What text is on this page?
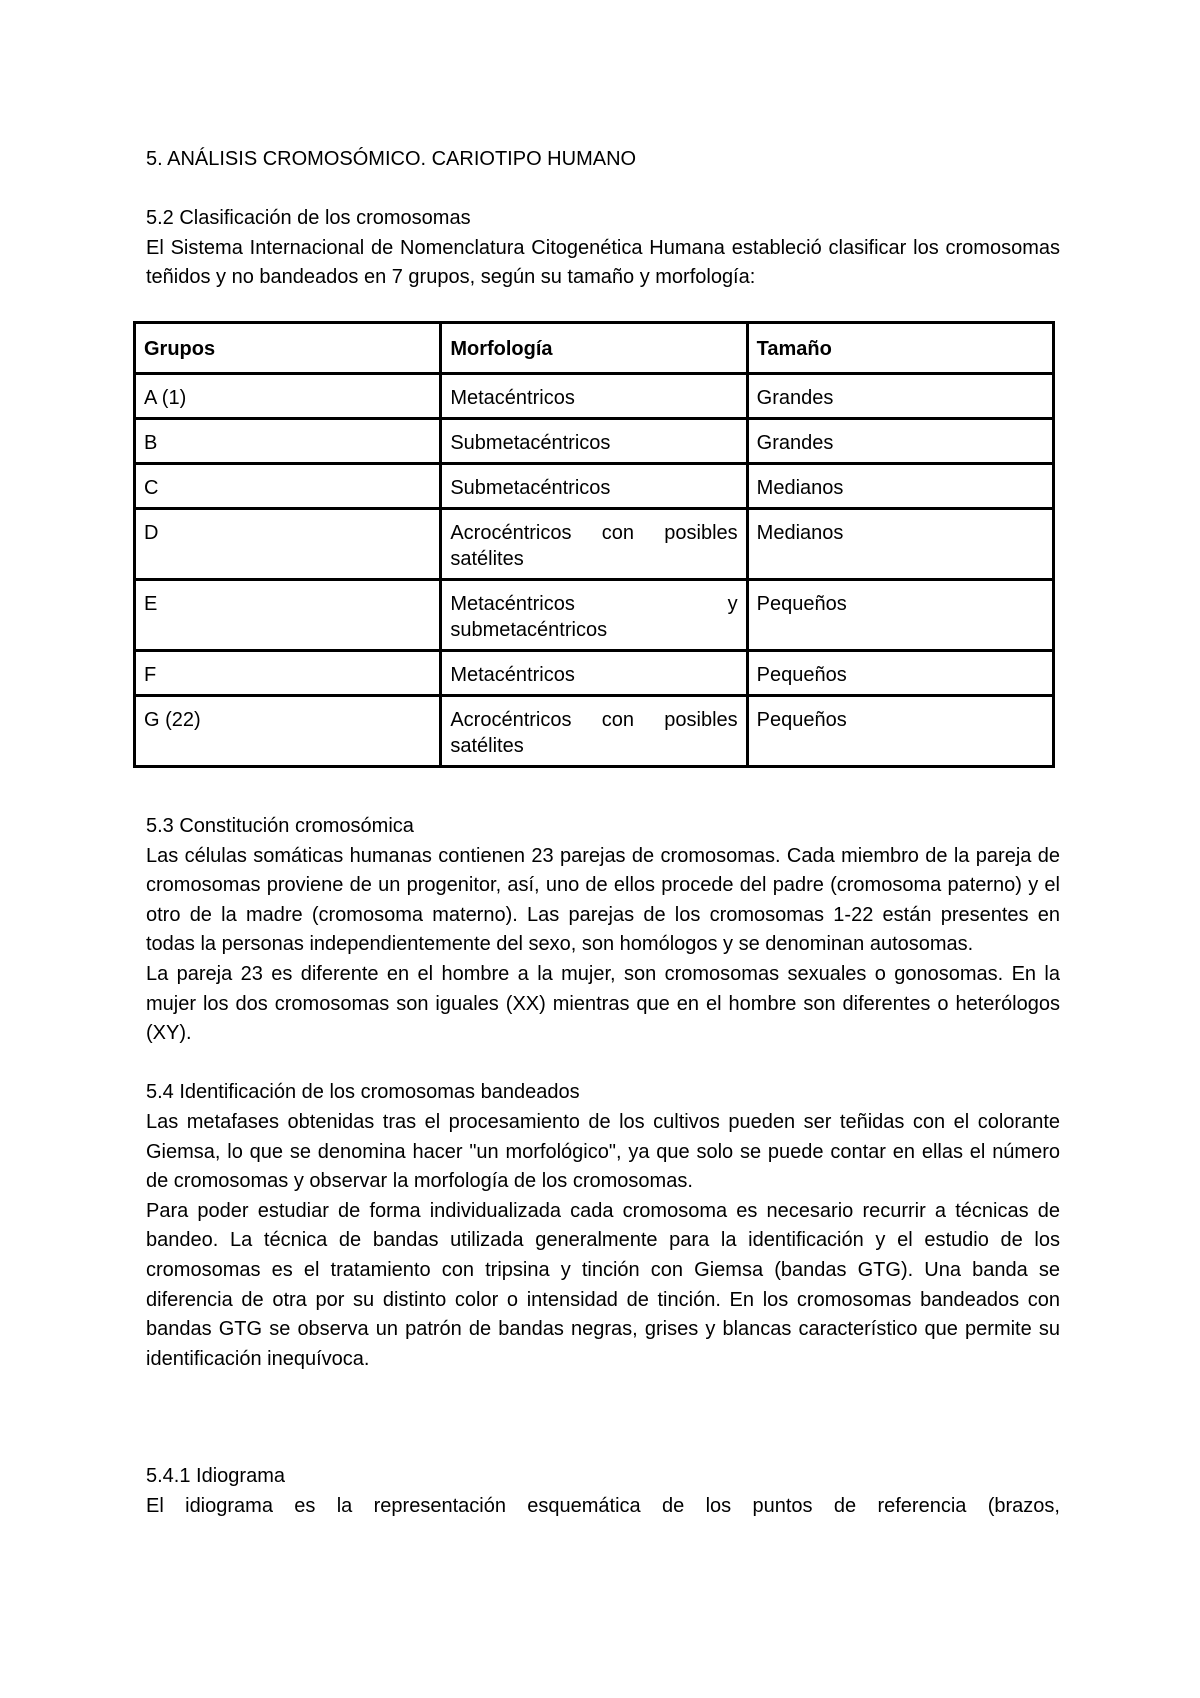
5. ANÁLISIS CROMOSÓMICO. CARIOTIPO HUMANO

5.2 Clasificación de los cromosomas

El Sistema Internacional de Nomenclatura Citogenética Humana estableció clasificar los cromosomas teñidos y no bandeados en 7 grupos, según su tamaño y morfología:

Grupos	Morfología	Tamaño
A (1)	Metacéntricos	Grandes
B	Submetacéntricos	Grandes
C	Submetacéntricos	Medianos
D	Acrocéntricos con posibles satélites	Medianos
E	Metacéntricos y submetacéntricos	Pequeños
F	Metacéntricos	Pequeños
G (22)	Acrocéntricos con posibles satélites	Pequeños

5.3 Constitución cromosómica

Las células somáticas humanas contienen 23 parejas de cromosomas. Cada miembro de la pareja de cromosomas proviene de un progenitor, así, uno de ellos procede del padre (cromosoma paterno) y el otro de la madre (cromosoma materno). Las parejas de los cromosomas 1-22 están presentes en todas la personas independientemente del sexo, son homólogos y se denominan autosomas.

La pareja 23 es diferente en el hombre a la mujer, son cromosomas sexuales o gonosomas. En la mujer los dos cromosomas son iguales (XX) mientras que en el hombre son diferentes o heterólogos (XY).

5.4 Identificación de los cromosomas bandeados

Las metafases obtenidas tras el procesamiento de los cultivos pueden ser teñidas con el colorante Giemsa, lo que se denomina hacer "un morfológico", ya que solo se puede contar en ellas el número de cromosomas y observar la morfología de los cromosomas.

Para poder estudiar de forma individualizada cada cromosoma es necesario recurrir a técnicas de bandeo. La técnica de bandas utilizada generalmente para la identificación y el estudio de los cromosomas es el tratamiento con tripsina y tinción con Giemsa (bandas GTG). Una banda se diferencia de otra por su distinto color o intensidad de tinción. En los cromosomas bandeados con bandas GTG se observa un patrón de bandas negras, grises y blancas característico que permite su identificación inequívoca.

5.4.1 Idiograma

El idiograma es la representación esquemática de los puntos de referencia (brazos,
